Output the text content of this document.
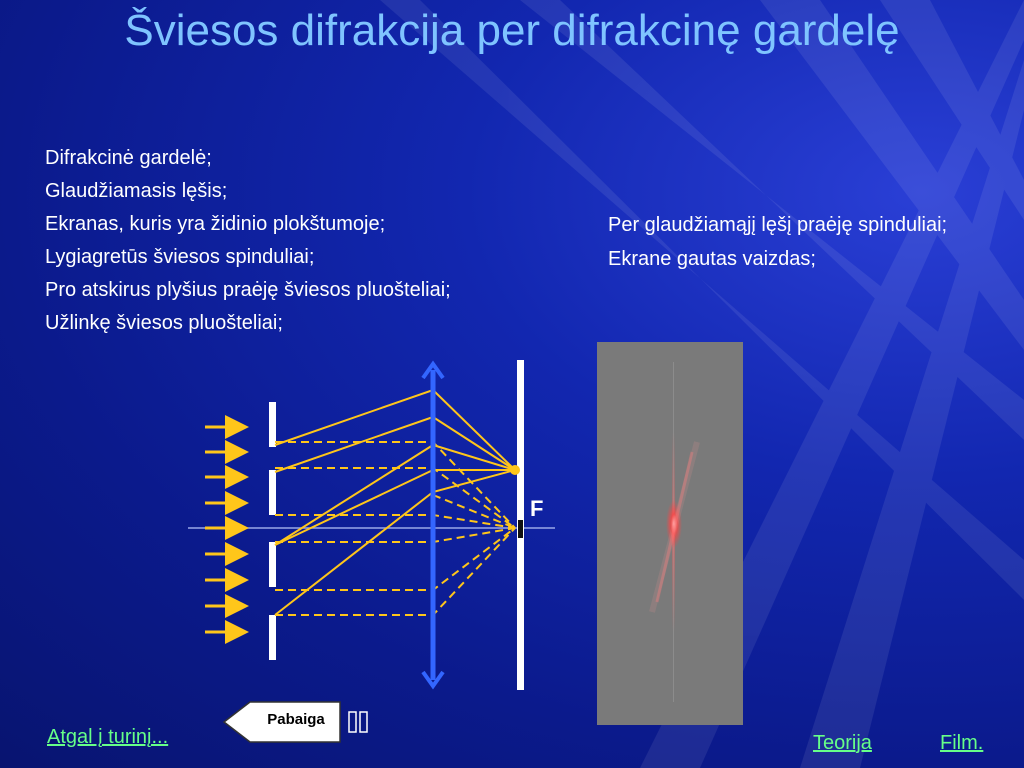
Šviesos difrakcija per difrakcinę gardelę
Difrakcinė gardelė;
Glaudžiamasis lęšis;
Ekranas, kuris yra židinio plokštumoje;
Lygiagretūs šviesos spinduliai;
Pro atskirus plyšius praėję šviesos pluošteliai;
Užlinkę šviesos pluošteliai;
Per glaudžiamąjį lęšį praėję spinduliai;
Ekrane gautas vaizdas;
F
Atgal į turinį...
Pabaiga
Teorija	Film.
